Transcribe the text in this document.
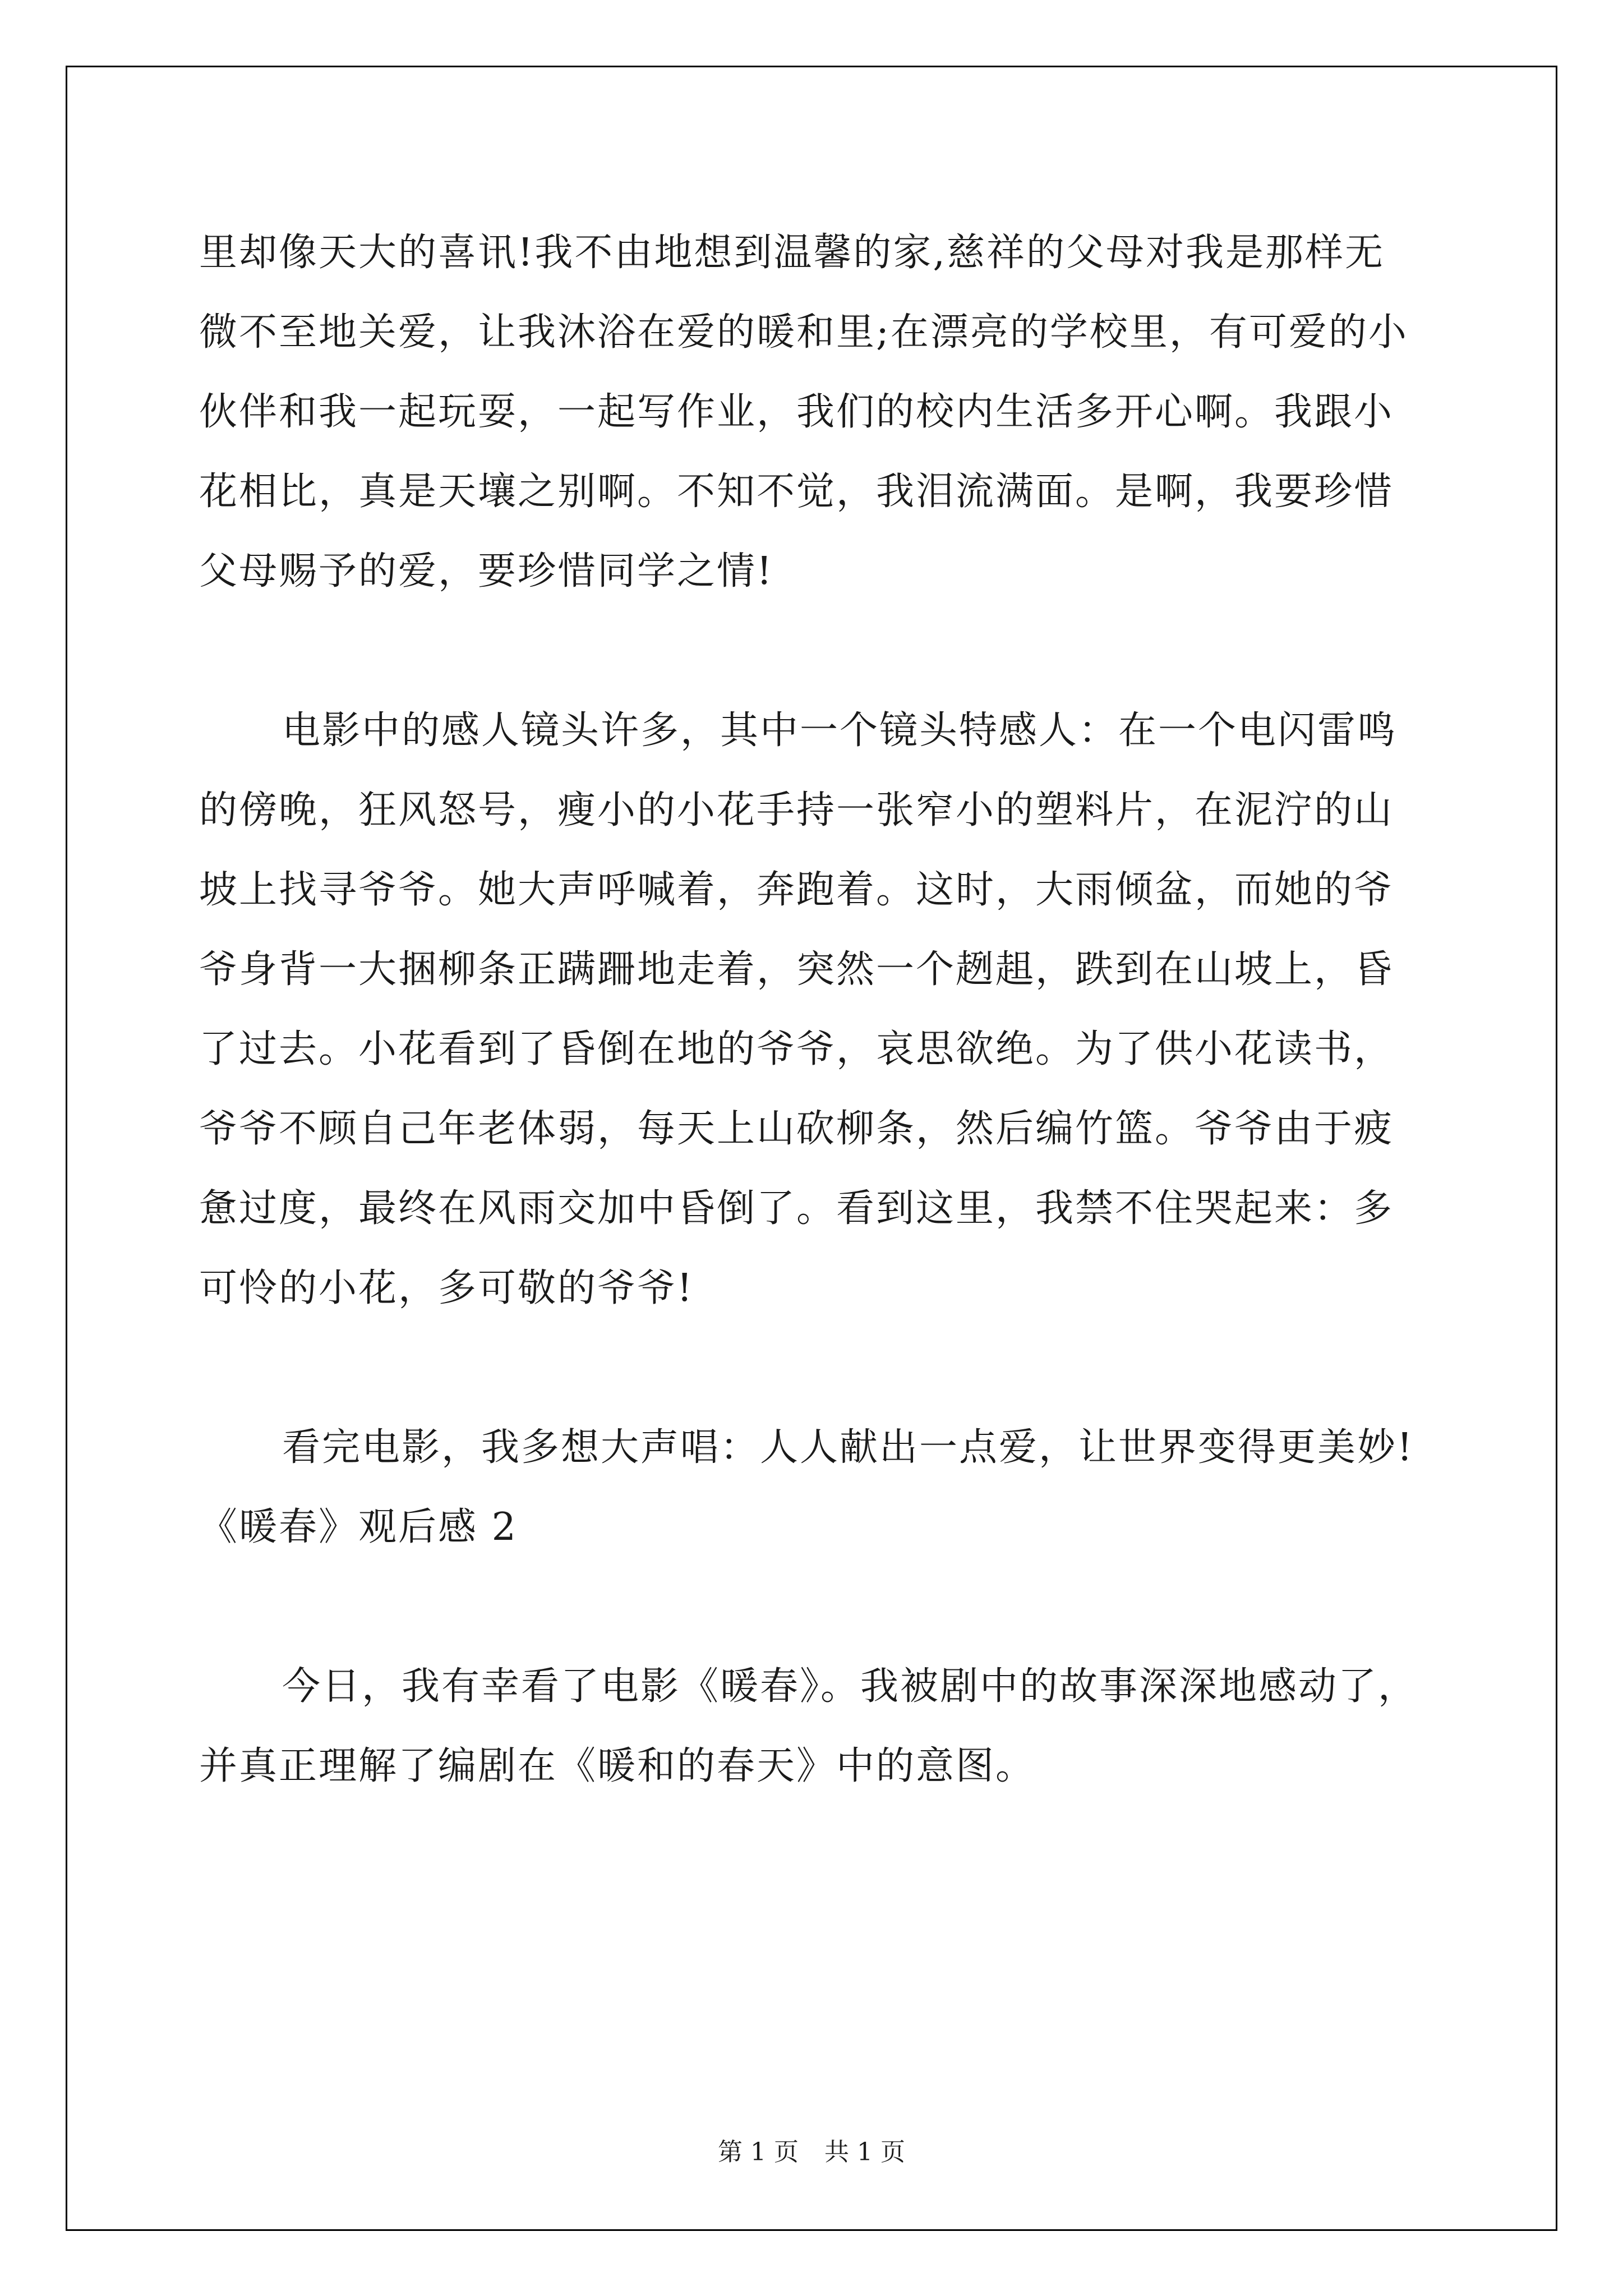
里却像天大的喜讯!我不由地想到温馨的家,慈祥的父母对我是那样无
微不至地关爱，让我沐浴在爱的暖和里;在漂亮的学校里，有可爱的小
伙伴和我一起玩耍，一起写作业，我们的校内生活多开心啊。我跟小
花相比，真是天壤之别啊。不知不觉，我泪流满面。是啊，我要珍惜
父母赐予的爱，要珍惜同学之情!
电影中的感人镜头许多，其中一个镜头特感人：在一个电闪雷鸣
的傍晚，狂风怒号，瘦小的小花手持一张窄小的塑料片，在泥泞的山
坡上找寻爷爷。她大声呼喊着，奔跑着。这时，大雨倾盆，而她的爷
爷身背一大捆柳条正蹒跚地走着，突然一个趔趄，跌到在山坡上，昏
了过去。小花看到了昏倒在地的爷爷，哀思欲绝。为了供小花读书，
爷爷不顾自己年老体弱，每天上山砍柳条，然后编竹篮。爷爷由于疲
惫过度，最终在风雨交加中昏倒了。看到这里，我禁不住哭起来：多
可怜的小花，多可敬的爷爷!
看完电影，我多想大声唱：人人献出一点爱，让世界变得更美妙!
《暖春》观后感 2
今日，我有幸看了电影《暖春》。我被剧中的故事深深地感动了，
并真正理解了编剧在《暖和的春天》中的意图。
第 1 页 共 1 页
